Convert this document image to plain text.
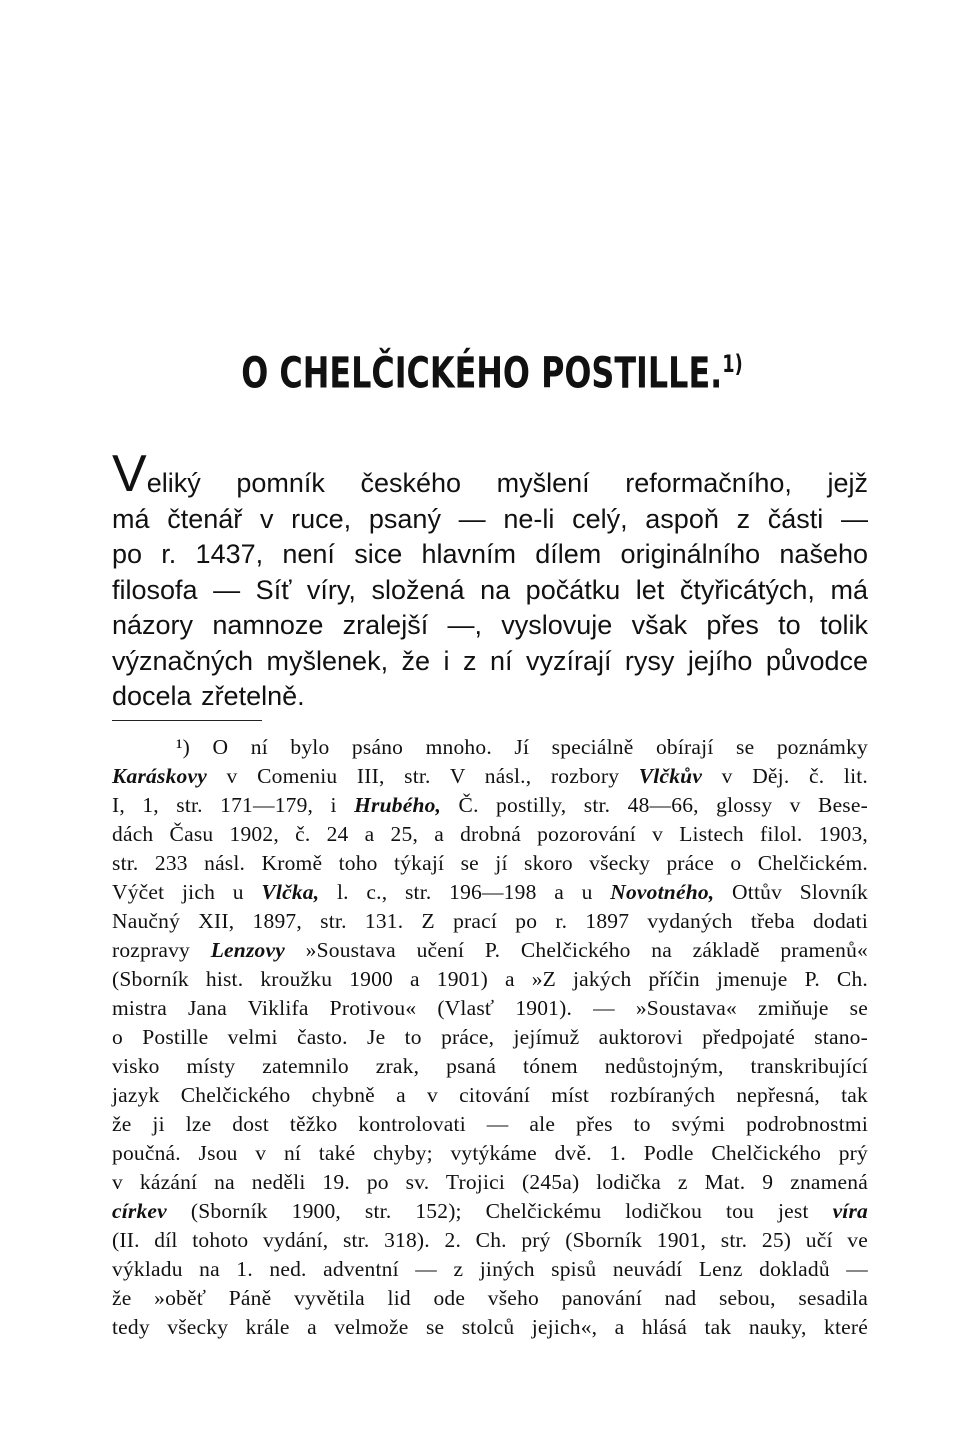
O CHELČICKÉHO POSTILLE.$^{1)}$
V eliký pomník českého myšlení reformačního, jejž
má čtenář v ruce, psaný — ne-li celý, aspoň z části —
po r. 1437, není sice hlavním dílem originálního našeho
filosofa — Síť víry, složená na počátku let čtyřicátých, má
názory namnoze zralejší —, vyslovuje však přes to tolik
význačných myšlenek, že i z ní vyzírají rysy jejího původce
docela zřetelně.
¹) O ní bylo psáno mnoho. Jí speciálně obírají se poznámky
Karáskovy v Comeniu III, str. V násl., rozbory Vlčkův v Děj. č. lit.
I, 1, str. 171—179, i Hrubého, Č. postilly, str. 48—66, glossy v Bese-
dách Času 1902, č. 24 a 25, a drobná pozorování v Listech filol. 1903,
str. 233 násl. Kromě toho týkají se jí skoro všecky práce o Chelčickém.
Výčet jich u Vlčka, l. c., str. 196—198 a u Novotného, Ottův Slovník
Naučný XII, 1897, str. 131. Z prací po r. 1897 vydaných třeba dodati
rozpravy Lenzovy »Soustava učení P. Chelčického na základě pramenů«
(Sborník hist. kroužku 1900 a 1901) a »Z jakých příčin jmenuje P. Ch.
mistra Jana Viklifa Protivou« (Vlasť 1901). — »Soustava« zmiňuje se
o Postille velmi často. Je to práce, jejímuž auktorovi předpojaté stano-
visko místy zatemnilo zrak, psaná tónem nedůstojným, transkribující
jazyk Chelčického chybně a v citování míst rozbíraných nepřesná, tak
že ji lze dost těžko kontrolovati — ale přes to svými podrobnostmi
poučná. Jsou v ní také chyby; vytýkáme dvě. 1. Podle Chelčického prý
v kázání na neděli 19. po sv. Trojici (245a) lodička z Mat. 9 znamená
církev (Sborník 1900, str. 152); Chelčickému lodičkou tou jest víra
(II. díl tohoto vydání, str. 318). 2. Ch. prý (Sborník 1901, str. 25) učí ve
výkladu na 1. ned. adventní — z jiných spisů neuvádí Lenz dokladů —
že »oběť Páně vyvětila lid ode všeho panování nad sebou, sesadila
tedy všecky krále a velmože se stolců jejich«, a hlásá tak nauky, které
